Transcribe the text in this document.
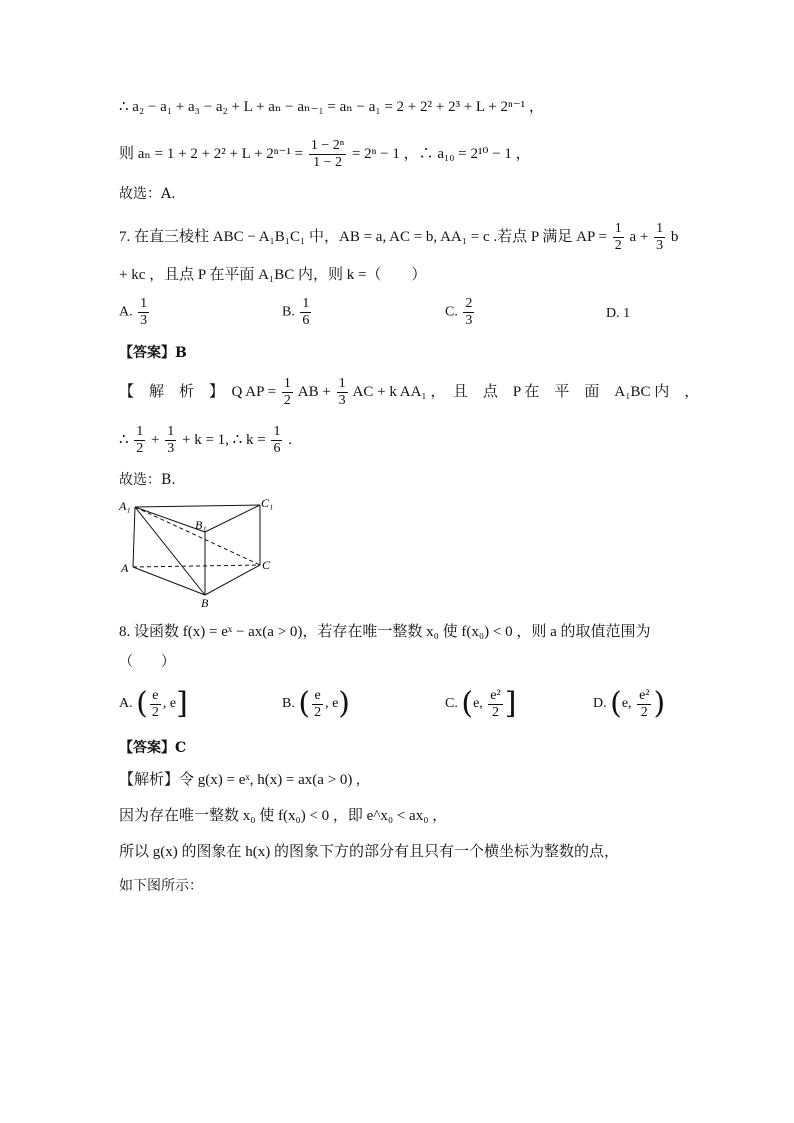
∴ a₂ − a₁ + a₃ − a₂ + L + aₙ − aₙ₋₁ = aₙ − a₁ = 2 + 2² + 2³ + L + 2ⁿ⁻¹ ，
则 $a_n = 1 + 2 + 2^2 + L + 2^{n-1} = \frac{\text{1 − 2ⁿ}}{1 - 2} = 2^n - 1$ ，∴ a₁₀ = 2¹⁰ − 1 ，
故选：A.
7. 在直三棱柱 ABC − A₁B₁C₁ 中，AB = a, AC = b, AA₁ = c .若点 P 满足 AP = $\frac{1}{2}$ $a + \frac{1}{3}$ b
+ kc ，且点 P 在平面 A₁BC 内，则 k =（　　）
A. $\frac{1}{3}$	B. $\frac{1}{6}$	C. $\frac{2}{3}$	D. 1
【答案】B
【　解　析　】　Q AP = $\frac{1}{2}$ AB + $\frac{1}{3}$ AC + k AA₁ ，　且　点　P 在　平　面　A₁BC 内　，
∴ $\frac{1}{2} + \frac{1}{3} + k = 1$, ∴ $k = \frac{1}{6}$ .
故选：B.
A₁
B₁
C₁
A
B
C
8. 设函数 f(x) = eˣ − ax(a > 0)，若存在唯一整数 x₀ 使 f(x₀) < 0 ，则 a 的取值范围为
（　　）
A. ( $\frac{e}{2}$ , e]	B. ( $\frac{e}{2}$ , e)	C. (e, $\frac{\text{e²}}{2}$ ]	D. (e, $\frac{\text{e²}}{2}$ )
【答案】C
【解析】令 g(x) = eˣ, h(x) = ax(a > 0) ,
因为存在唯一整数 x₀ 使 f(x₀) < 0 ，即 e^x₀ < ax₀ ，
所以 g(x) 的图象在 h(x) 的图象下方的部分有且只有一个横坐标为整数的点，
如下图所示：
